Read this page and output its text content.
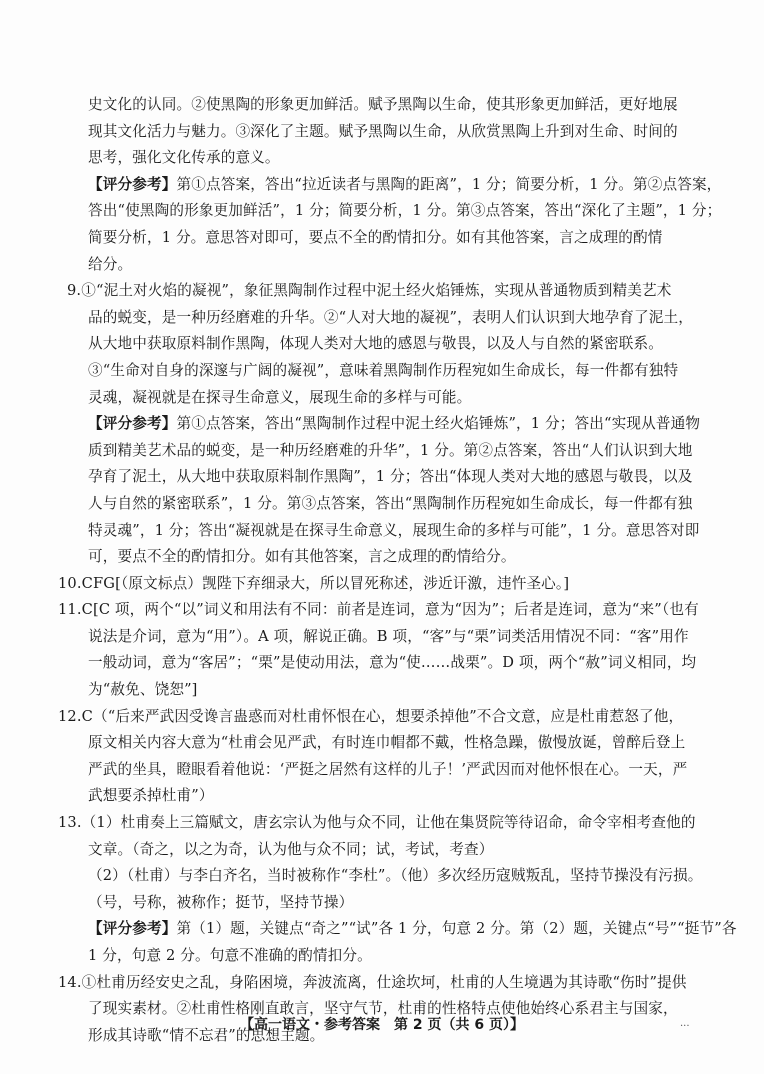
史文化的认同。②使黑陶的形象更加鲜活。赋予黑陶以生命，使其形象更加鲜活，更好地展
现其文化活力与魅力。③深化了主题。赋予黑陶以生命，从欣赏黑陶上升到对生命、时间的
思考，强化文化传承的意义。
【评分参考】第①点答案，答出“拉近读者与黑陶的距离”，1 分；简要分析，1 分。第②点答案，
答出“使黑陶的形象更加鲜活”，1 分；简要分析，1 分。第③点答案，答出“深化了主题”，1 分；
简要分析，1 分。意思答对即可，要点不全的酌情扣分。如有其他答案，言之成理的酌情
给分。
9.①“泥土对火焰的凝视”，象征黑陶制作过程中泥土经火焰锤炼，实现从普通物质到精美艺术
品的蜕变，是一种历经磨难的升华。②“人对大地的凝视”，表明人们认识到大地孕育了泥土，
从大地中获取原料制作黑陶，体现人类对大地的感恩与敬畏，以及人与自然的紧密联系。
③“生命对自身的深邃与广阔的凝视”，意味着黑陶制作历程宛如生命成长，每一件都有独特
灵魂，凝视就是在探寻生命意义，展现生命的多样与可能。
【评分参考】第①点答案，答出“黑陶制作过程中泥土经火焰锤炼”，1 分；答出“实现从普通物
质到精美艺术品的蜕变，是一种历经磨难的升华”，1 分。第②点答案，答出“人们认识到大地
孕育了泥土，从大地中获取原料制作黑陶”，1 分；答出“体现人类对大地的感恩与敬畏，以及
人与自然的紧密联系”，1 分。第③点答案，答出“黑陶制作历程宛如生命成长，每一件都有独
特灵魂”，1 分；答出“凝视就是在探寻生命意义，展现生命的多样与可能”，1 分。意思答对即
可，要点不全的酌情扣分。如有其他答案，言之成理的酌情给分。
10.CFG[（原文标点）觊陛下弃细录大，所以冒死称述，涉近讦激，违忤圣心。]
11.C[C 项，两个“以”词义和用法有不同：前者是连词，意为“因为”；后者是连词，意为“来”（也有
说法是介词，意为“用”）。A 项，解说正确。B 项，“客”与“栗”词类活用情况不同：“客”用作
一般动词，意为“客居”；“栗”是使动用法，意为“使……战栗”。D 项，两个“赦”词义相同，均
为“赦免、饶恕”]
12.C（“后来严武因受谗言蛊惑而对杜甫怀恨在心，想要杀掉他”不合文意，应是杜甫惹怒了他，
原文相关内容大意为“杜甫会见严武，有时连巾帽都不戴，性格急躁，傲慢放诞，曾醉后登上
严武的坐具，瞪眼看着他说：‘严挺之居然有这样的儿子！’严武因而对他怀恨在心。一天，严
武想要杀掉杜甫”）
13.（1）杜甫奏上三篇赋文，唐玄宗认为他与众不同，让他在集贤院等待诏命，命令宰相考查他的
文章。（奇之，以之为奇，认为他与众不同；试，考试，考查）
（2）（杜甫）与李白齐名，当时被称作“李杜”。（他）多次经历寇贼叛乱，坚持节操没有污损。
（号，号称，被称作；挺节，坚持节操）
【评分参考】第（1）题，关键点“奇之”“试”各 1 分，句意 2 分。第（2）题，关键点“号”“挺节”各
1 分，句意 2 分。句意不准确的酌情扣分。
14.①杜甫历经安史之乱，身陷困境，奔波流离，仕途坎坷，杜甫的人生境遇为其诗歌“伤时”提供
了现实素材。②杜甫性格刚直敢言，坚守气节，杜甫的性格特点使他始终心系君主与国家，
形成其诗歌“情不忘君”的思想主题。
【高一语文・参考答案　第 2 页（共 6 页）】	...
